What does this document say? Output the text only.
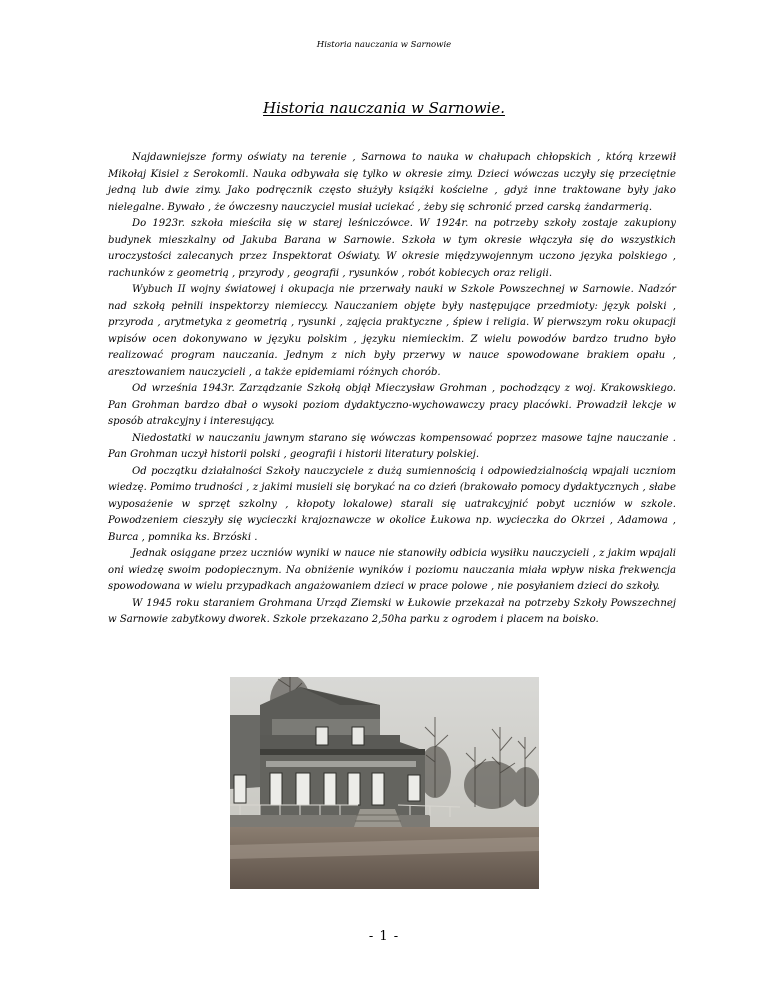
Historia nauczania w Sarnowie
Historia nauczania w Sarnowie.

Najdawniejsze formy oświaty na terenie , Sarnowa to nauka w chałupach chłopskich , którą krzewił Mikołaj Kisiel z Serokomli. Nauka odbywała się tylko w okresie zimy. Dzieci wówczas uczyły się przeciętnie jedną lub dwie zimy. Jako podręcznik często służyły książki kościelne , gdyż inne traktowane były jako nielegalne. Bywało , że ówczesny nauczyciel musiał uciekać , żeby się schronić przed carską żandarmerią.

Do 1923r. szkoła mieściła się w starej leśniczówce. W 1924r. na potrzeby szkoły zostaje zakupiony budynek mieszkalny od Jakuba Barana w Sarnowie. Szkoła w tym okresie włączyła się do wszystkich uroczystości zalecanych przez Inspektorat Oświaty. W okresie międzywojennym uczono języka polskiego , rachunków z geometrią , przyrody , geografii , rysunków , robót kobiecych oraz religii.

Wybuch II wojny światowej i okupacja nie przerwały nauki w Szkole Powszechnej w Sarnowie. Nadzór nad szkołą pełnili inspektorzy niemieccy. Nauczaniem objęte były następujące przedmioty: język polski , przyroda , arytmetyka z geometrią , rysunki , zajęcia praktyczne , śpiew i religia. W pierwszym roku okupacji wpisów ocen dokonywano w języku polskim , języku niemieckim. Z wielu powodów bardzo trudno było realizować program nauczania. Jednym z nich były przerwy w nauce spowodowane brakiem opału , aresztowaniem nauczycieli , a także epidemiami różnych chorób.

Od września 1943r. Zarządzanie Szkołą objął Mieczysław Grohman , pochodzący z woj. Krakowskiego. Pan Grohman bardzo dbał o wysoki poziom dydaktyczno-wychowawczy pracy placówki. Prowadził lekcje w sposób atrakcyjny i interesujący.

Niedostatki w nauczaniu jawnym starano się wówczas kompensować poprzez masowe tajne nauczanie . Pan Grohman uczył historii polski , geografii i historii literatury polskiej.

Od początku działalności Szkoły nauczyciele z dużą sumiennością i odpowiedzialnością wpajali uczniom wiedzę. Pomimo trudności , z jakimi musieli się borykać na co dzień (brakowało pomocy dydaktycznych , słabe wyposażenie w sprzęt szkolny , kłopoty lokalowe) starali się uatrakcyjnić pobyt uczniów w szkole. Powodzeniem cieszyły się wycieczki krajoznawcze w okolice Łukowa np. wycieczka do Okrzei , Adamowa , Burca , pomnika ks. Brzóski .

Jednak osiągane przez uczniów wyniki w nauce nie stanowiły odbicia wysiłku nauczycieli , z jakim wpajali oni wiedzę swoim podopiecznym. Na obniżenie wyników i poziomu nauczania miała wpływ niska frekwencja spowodowana w wielu przypadkach angażowaniem dzieci w prace polowe , nie posyłaniem dzieci do szkoły.

W 1945 roku staraniem Grohmana Urząd Ziemski w Łukowie przekazał na potrzeby Szkoły Powszechnej w Sarnowie zabytkowy dworek. Szkole przekazano 2,50ha parku z ogrodem i placem na boisko.

- 1 -
